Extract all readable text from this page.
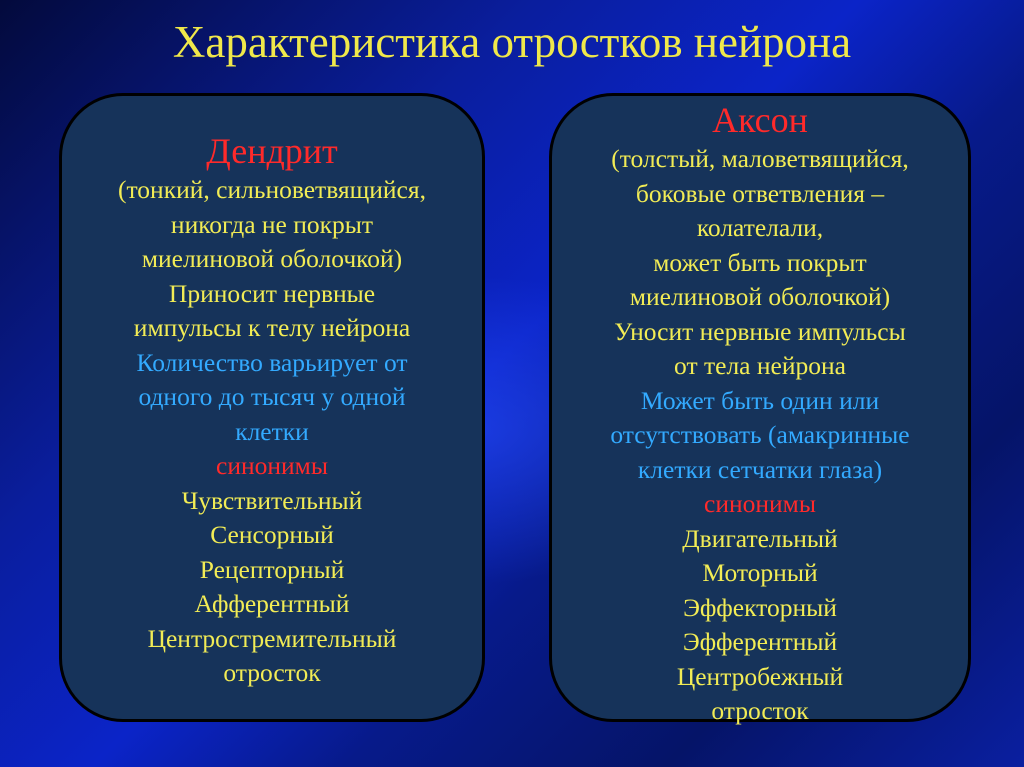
Характеристика отростков нейрона
Дендрит
(тонкий, сильноветвящийся,
никогда не покрыт
миелиновой оболочкой)
Приносит нервные
импульсы к телу нейрона
Количество варьирует от
одного до тысяч у одной
клетки
синонимы
Чувствительный
Сенсорный
Рецепторный
Афферентный
Центростремительный
отросток
Аксон
(толстый, маловетвящийся,
боковые ответвления –
колателали,
может быть покрыт
миелиновой оболочкой)
Уносит нервные импульсы
от тела нейрона
Может быть один или
отсутствовать (амакринные
клетки сетчатки глаза)
синонимы
Двигательный
Моторный
Эффекторный
Эфферентный
Центробежный
отросток
